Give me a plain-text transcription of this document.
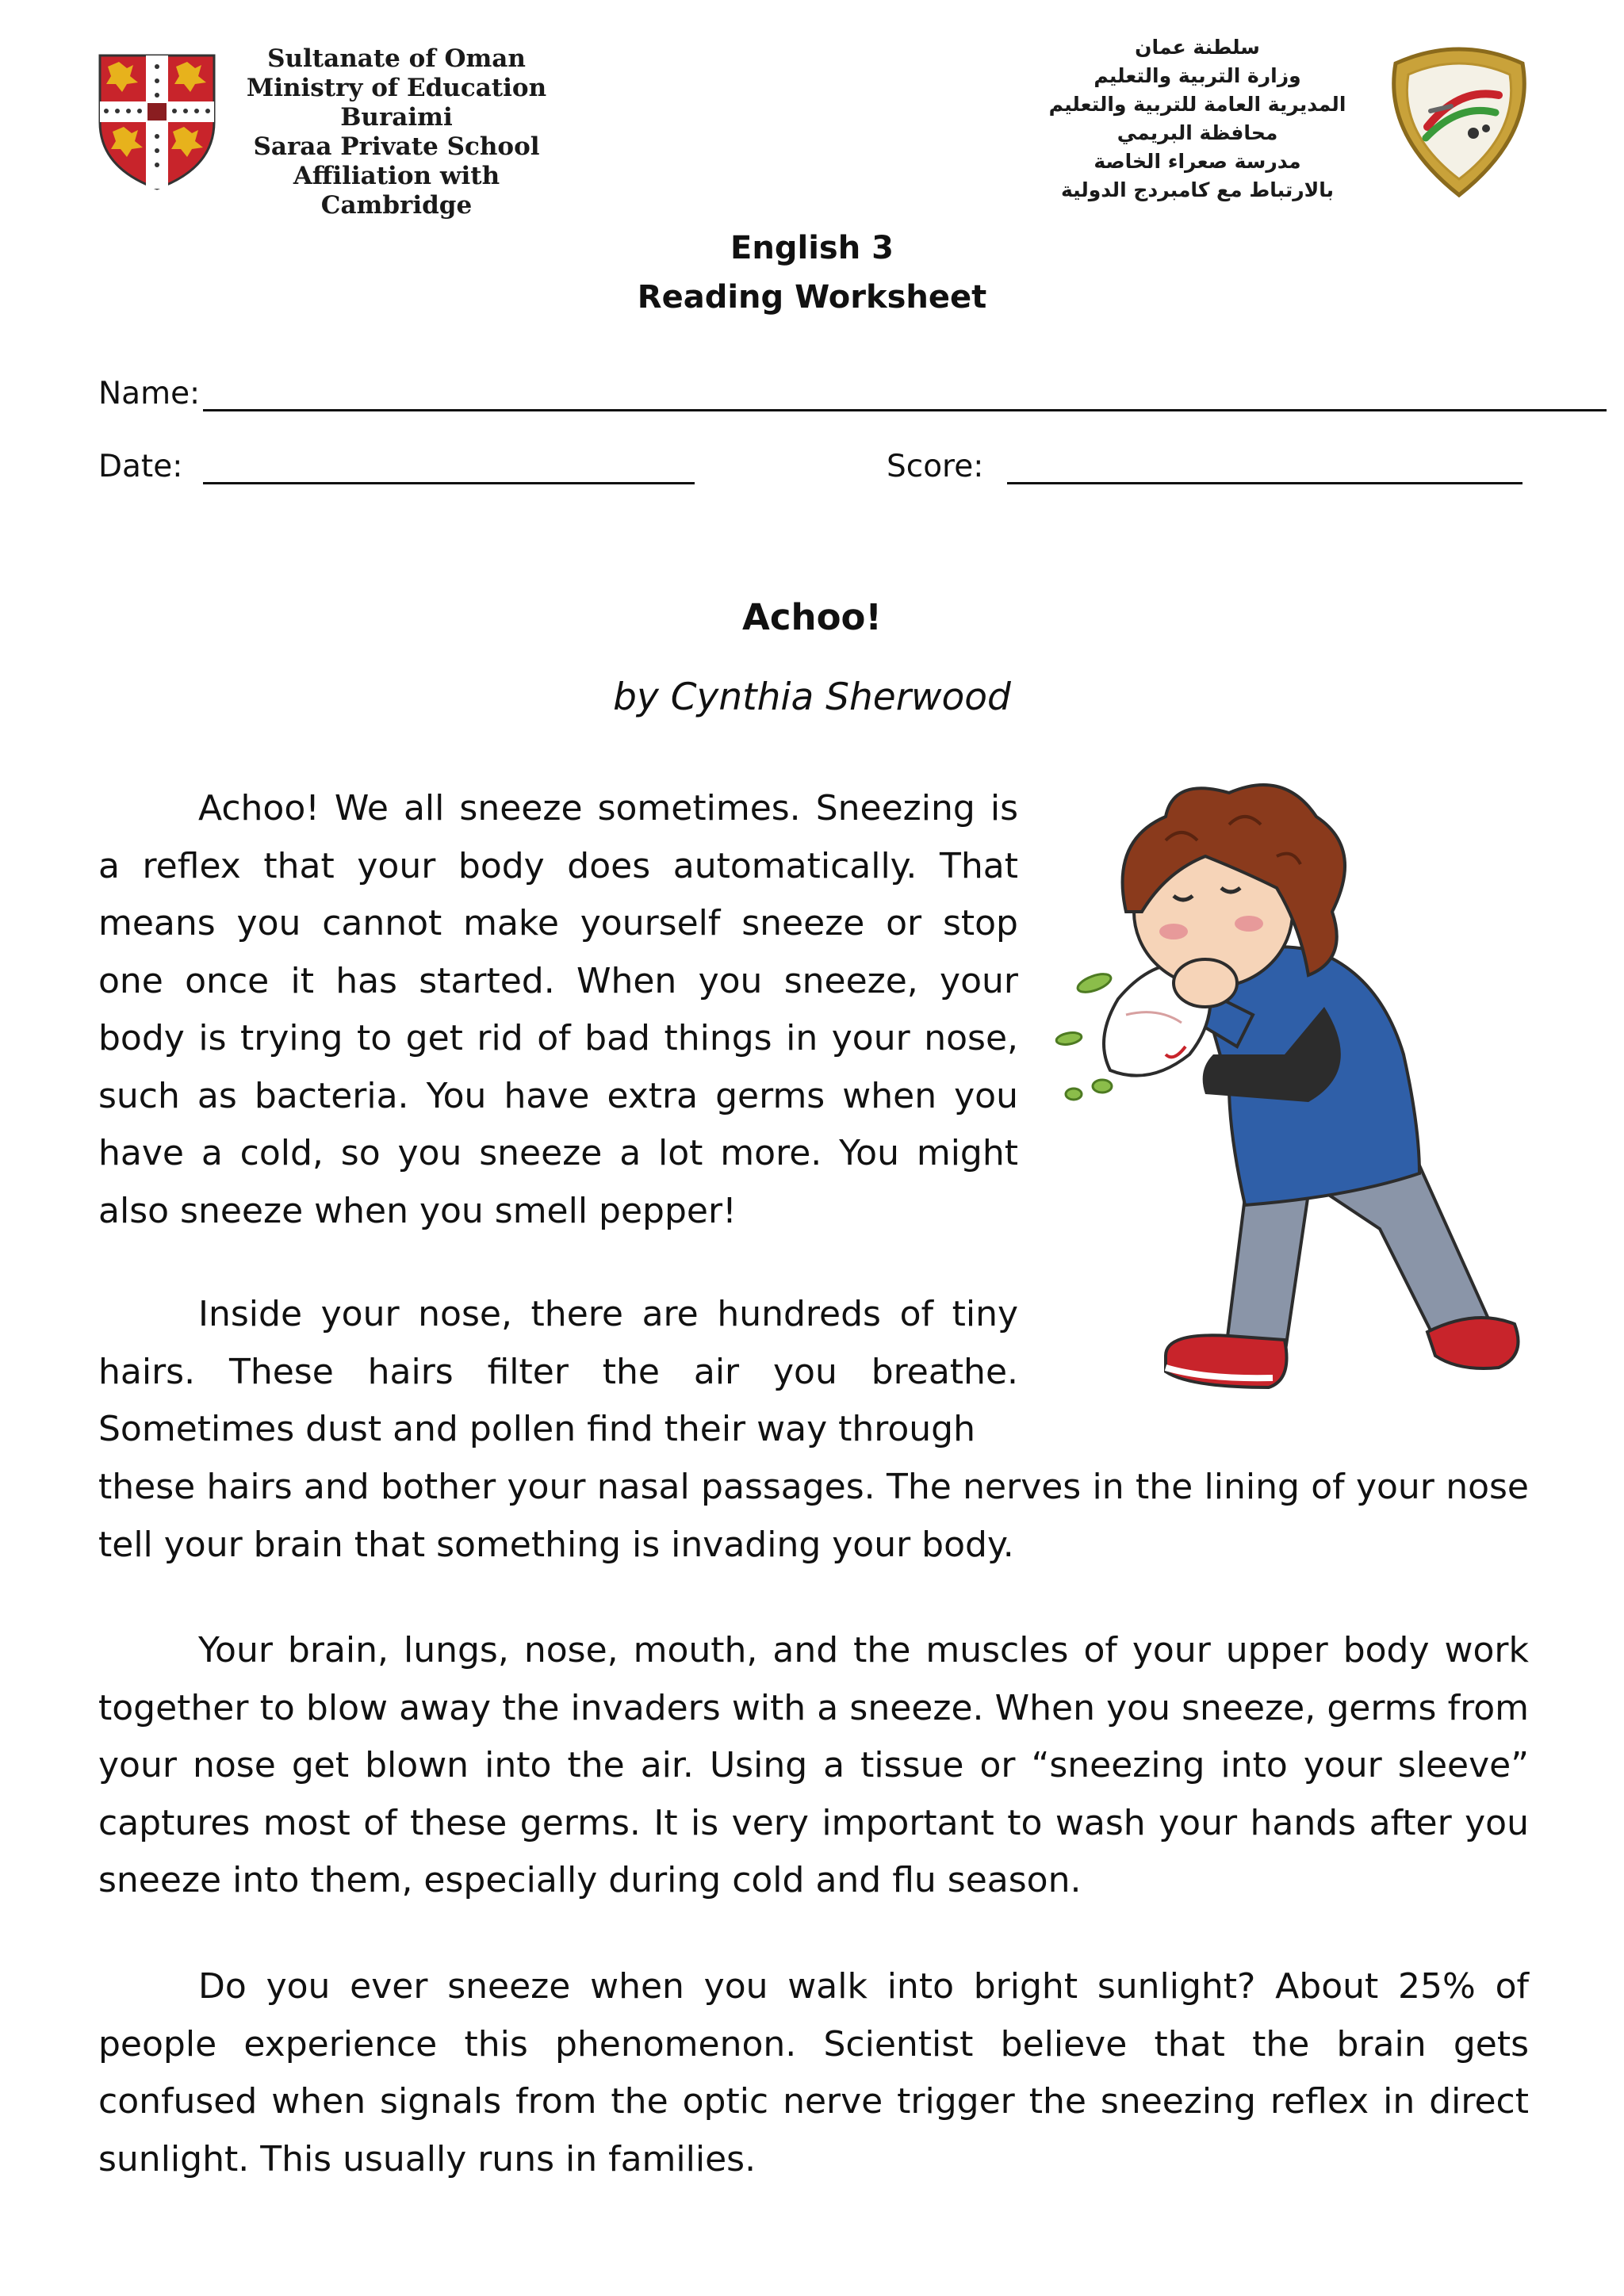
Sultanate of Oman
Ministry of Education
Buraimi
Saraa Private School
Affiliation with Cambridge
سلطنة عمان
وزارة التربية والتعليم
المديرية العامة للتربية والتعليم
محافظة البريمي
مدرسة صعراء الخاصة
بالارتباط مع كامبردج الدولية
English 3
Reading Worksheet
Name:
Date:	Score:
Achoo!
by Cynthia Sherwood

Achoo! We all sneeze sometimes. Sneezing is a reflex that your body does automatically. That means you cannot make yourself sneeze or stop one once it has started. When you sneeze, your body is trying to get rid of bad things in your nose, such as bacteria. You have extra germs when you have a cold, so you sneeze a lot more. You might also sneeze when you smell pepper!

Inside your nose, there are hundreds of tiny hairs. These hairs filter the air you breathe. Sometimes dust and pollen find their way through

these hairs and bother your nasal passages. The nerves in the lining of your nose tell your brain that something is invading your body.

Your brain, lungs, nose, mouth, and the muscles of your upper body work together to blow away the invaders with a sneeze. When you sneeze, germs from your nose get blown into the air. Using a tissue or “sneezing into your sleeve” captures most of these germs. It is very important to wash your hands after you sneeze into them, especially during cold and flu season.

Do you ever sneeze when you walk into bright sunlight? About 25% of people experience this phenomenon. Scientist believe that the brain gets confused when signals from the optic nerve trigger the sneezing reflex in direct sunlight. This usually runs in families.
